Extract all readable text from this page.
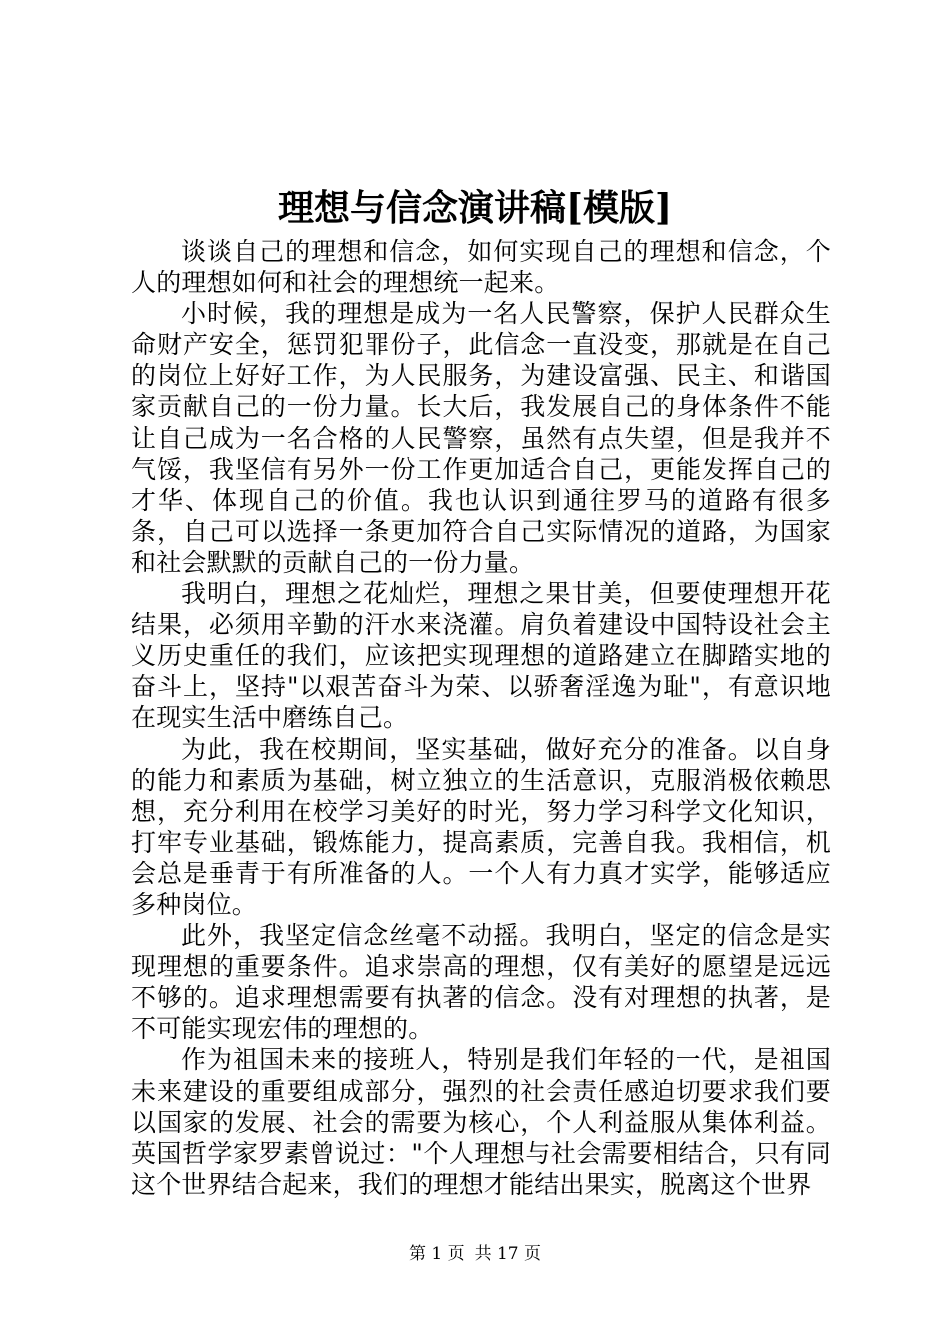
理想与信念演讲稿[模版]

谈谈自己的理想和信念，如何实现自己的理想和信念，个人的理想如何和社会的理想统一起来。

小时候，我的理想是成为一名人民警察，保护人民群众生命财产安全，惩罚犯罪份子，此信念一直没变，那就是在自己的岗位上好好工作，为人民服务，为建设富强、民主、和谐国家贡献自己的一份力量。长大后，我发展自己的身体条件不能让自己成为一名合格的人民警察，虽然有点失望，但是我并不气馁，我坚信有另外一份工作更加适合自己，更能发挥自己的才华、体现自己的价值。我也认识到通往罗马的道路有很多条，自己可以选择一条更加符合自己实际情况的道路，为国家和社会默默的贡献自己的一份力量。

我明白，理想之花灿烂，理想之果甘美，但要使理想开花结果，必须用辛勤的汗水来浇灌。肩负着建设中国特设社会主义历史重任的我们，应该把实现理想的道路建立在脚踏实地的奋斗上，坚持"以艰苦奋斗为荣、以骄奢淫逸为耻"，有意识地在现实生活中磨练自己。

为此，我在校期间，坚实基础，做好充分的准备。以自身的能力和素质为基础，树立独立的生活意识，克服消极依赖思想，充分利用在校学习美好的时光，努力学习科学文化知识，打牢专业基础，锻炼能力，提高素质，完善自我。我相信，机会总是垂青于有所准备的人。一个人有力真才实学，能够适应多种岗位。

此外，我坚定信念丝毫不动摇。我明白，坚定的信念是实现理想的重要条件。追求崇高的理想，仅有美好的愿望是远远不够的。追求理想需要有执著的信念。没有对理想的执著，是不可能实现宏伟的理想的。

作为祖国未来的接班人，特别是我们年轻的一代，是祖国未来建设的重要组成部分，强烈的社会责任感迫切要求我们要以国家的发展、社会的需要为核心，个人利益服从集体利益。英国哲学家罗素曾说过："个人理想与社会需要相结合，只有同这个世界结合起来，我们的理想才能结出果实，脱离这个世界

第 1 页 共 17 页
